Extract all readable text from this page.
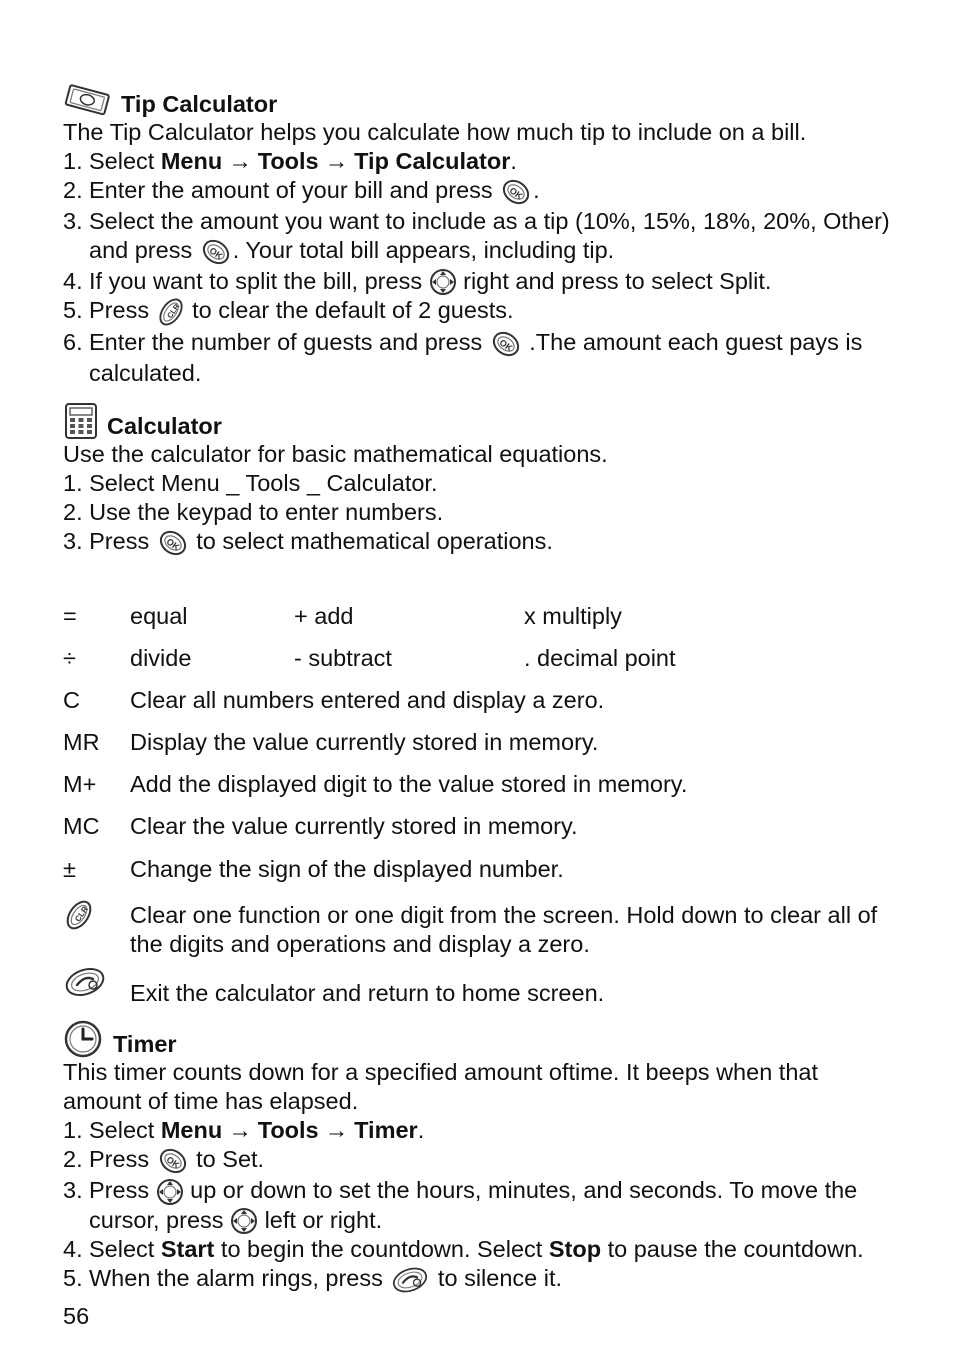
Tip Calculator
The Tip Calculator helps you calculate how much tip to include on a bill.
1. Select Menu → Tools → Tip Calculator.
2. Enter the amount of your bill and press .
3. Select the amount you want to include as a tip (10%, 15%, 18%, 20%, Other) and press . Your total bill appears, including tip.
4. If you want to split the bill, press  right and press to select Split.
5. Press  to clear the default of 2 guests.
6. Enter the number of guests and press  .The amount each guest pays is calculated.
Calculator
Use the calculator for basic mathematical equations.
1. Select Menu _ Tools _ Calculator.
2. Use the keypad to enter numbers.
3. Press  to select mathematical operations.
=	equal	+ add	x multiply
÷	divide	- subtract	. decimal point
C	Clear all numbers entered and display a zero.
MR	Display the value currently stored in memory.
M+	Add the displayed digit to the value stored in memory.
MC	Clear the value currently stored in memory.
±	Change the sign of the displayed number.
Clear one function or one digit from the screen. Hold down to clear all of the digits and operations and display a zero.
Exit the calculator and return to home screen.
Timer
This timer counts down for a specified amount oftime. It beeps when that amount of time has elapsed.
1. Select Menu → Tools → Timer.
2. Press  to Set.
3. Press  up or down to set the hours, minutes, and seconds. To move the cursor, press  left or right.
4. Select Start to begin the countdown. Select Stop to pause the countdown.
5. When the alarm rings, press  to silence it.
56
